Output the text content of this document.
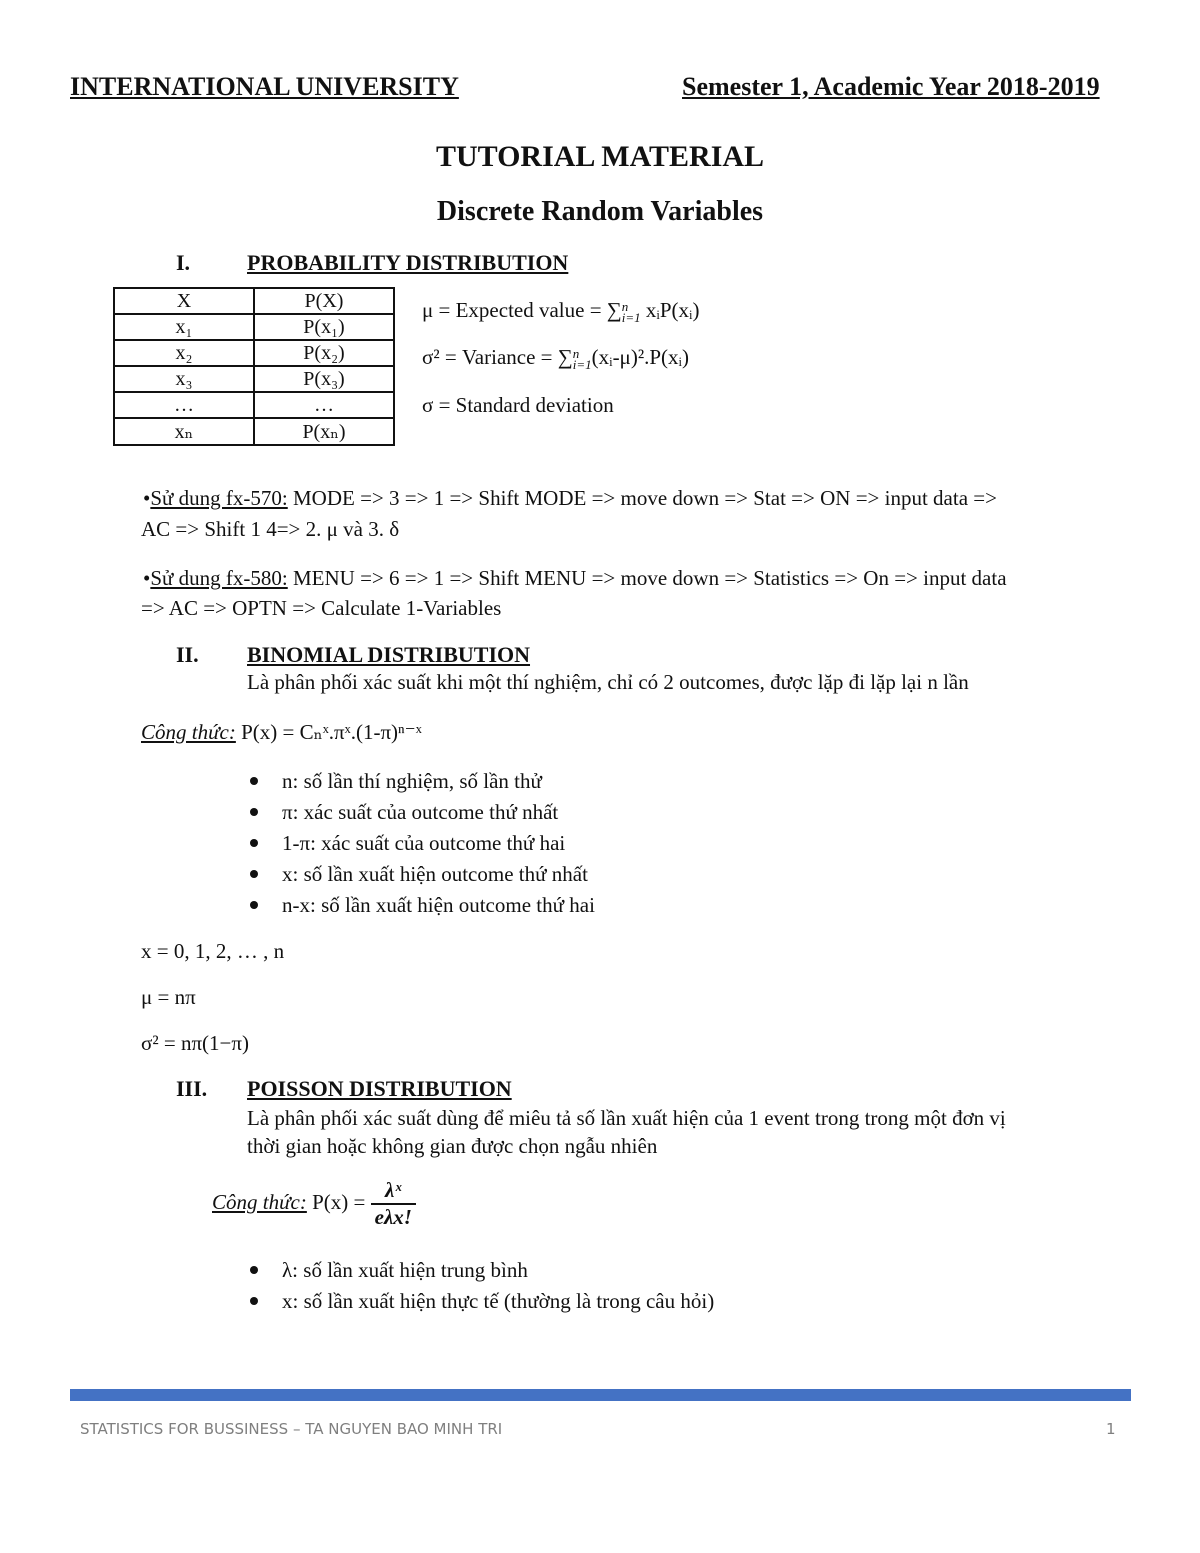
INTERNATIONAL UNIVERSITY	Semester 1, Academic Year 2018-2019
TUTORIAL MATERIAL
Discrete Random Variables
I.	PROBABILITY DISTRIBUTION
X	P(X)
x₁	P(x₁)
x₂	P(x₂)
x₃	P(x₃)
…	…
xₙ	P(xₙ)
μ = Expected value = ∑ n
i=1 xᵢP(xᵢ)
σ² = Variance = ∑ n
i=1 (xᵢ-μ)².P(xᵢ)
σ = Standard deviation
•Sử dung fx-570: MODE => 3 => 1 => Shift MODE => move down => Stat => ON => input data =>
AC => Shift 1 4=> 2. μ và 3. δ
•Sử dung fx-580: MENU => 6 => 1 => Shift MENU => move down => Statistics => On => input data
=> AC => OPTN => Calculate 1-Variables
II. BINOMIAL DISTRIBUTION
Là phân phối xác suất khi một thí nghiệm, chỉ có 2 outcomes, được lặp đi lặp lại n lần
Công thức: P(x) = Cₙˣ.πˣ.(1-π)ⁿ⁻ˣ
n: số lần thí nghiệm, số lần thử
π: xác suất của outcome thứ nhất
1-π: xác suất của outcome thứ hai
x: số lần xuất hiện outcome thứ nhất
n-x: số lần xuất hiện outcome thứ hai
x = 0, 1, 2, … , n
μ = nπ
σ² = nπ(1−π)
III. POISSON DISTRIBUTION
Là phân phối xác suất dùng để miêu tả số lần xuất hiện của 1 event trong trong một đơn vị
thời gian hoặc không gian được chọn ngẫu nhiên
Công thức: $P(x) = \frac{\text{λˣ}}{\text{eλx!}}$
λ: số lần xuất hiện trung bình
x: số lần xuất hiện thực tế (thường là trong câu hỏi)
STATISTICS FOR BUSSINESS – TA NGUYEN BAO MINH TRI	1
